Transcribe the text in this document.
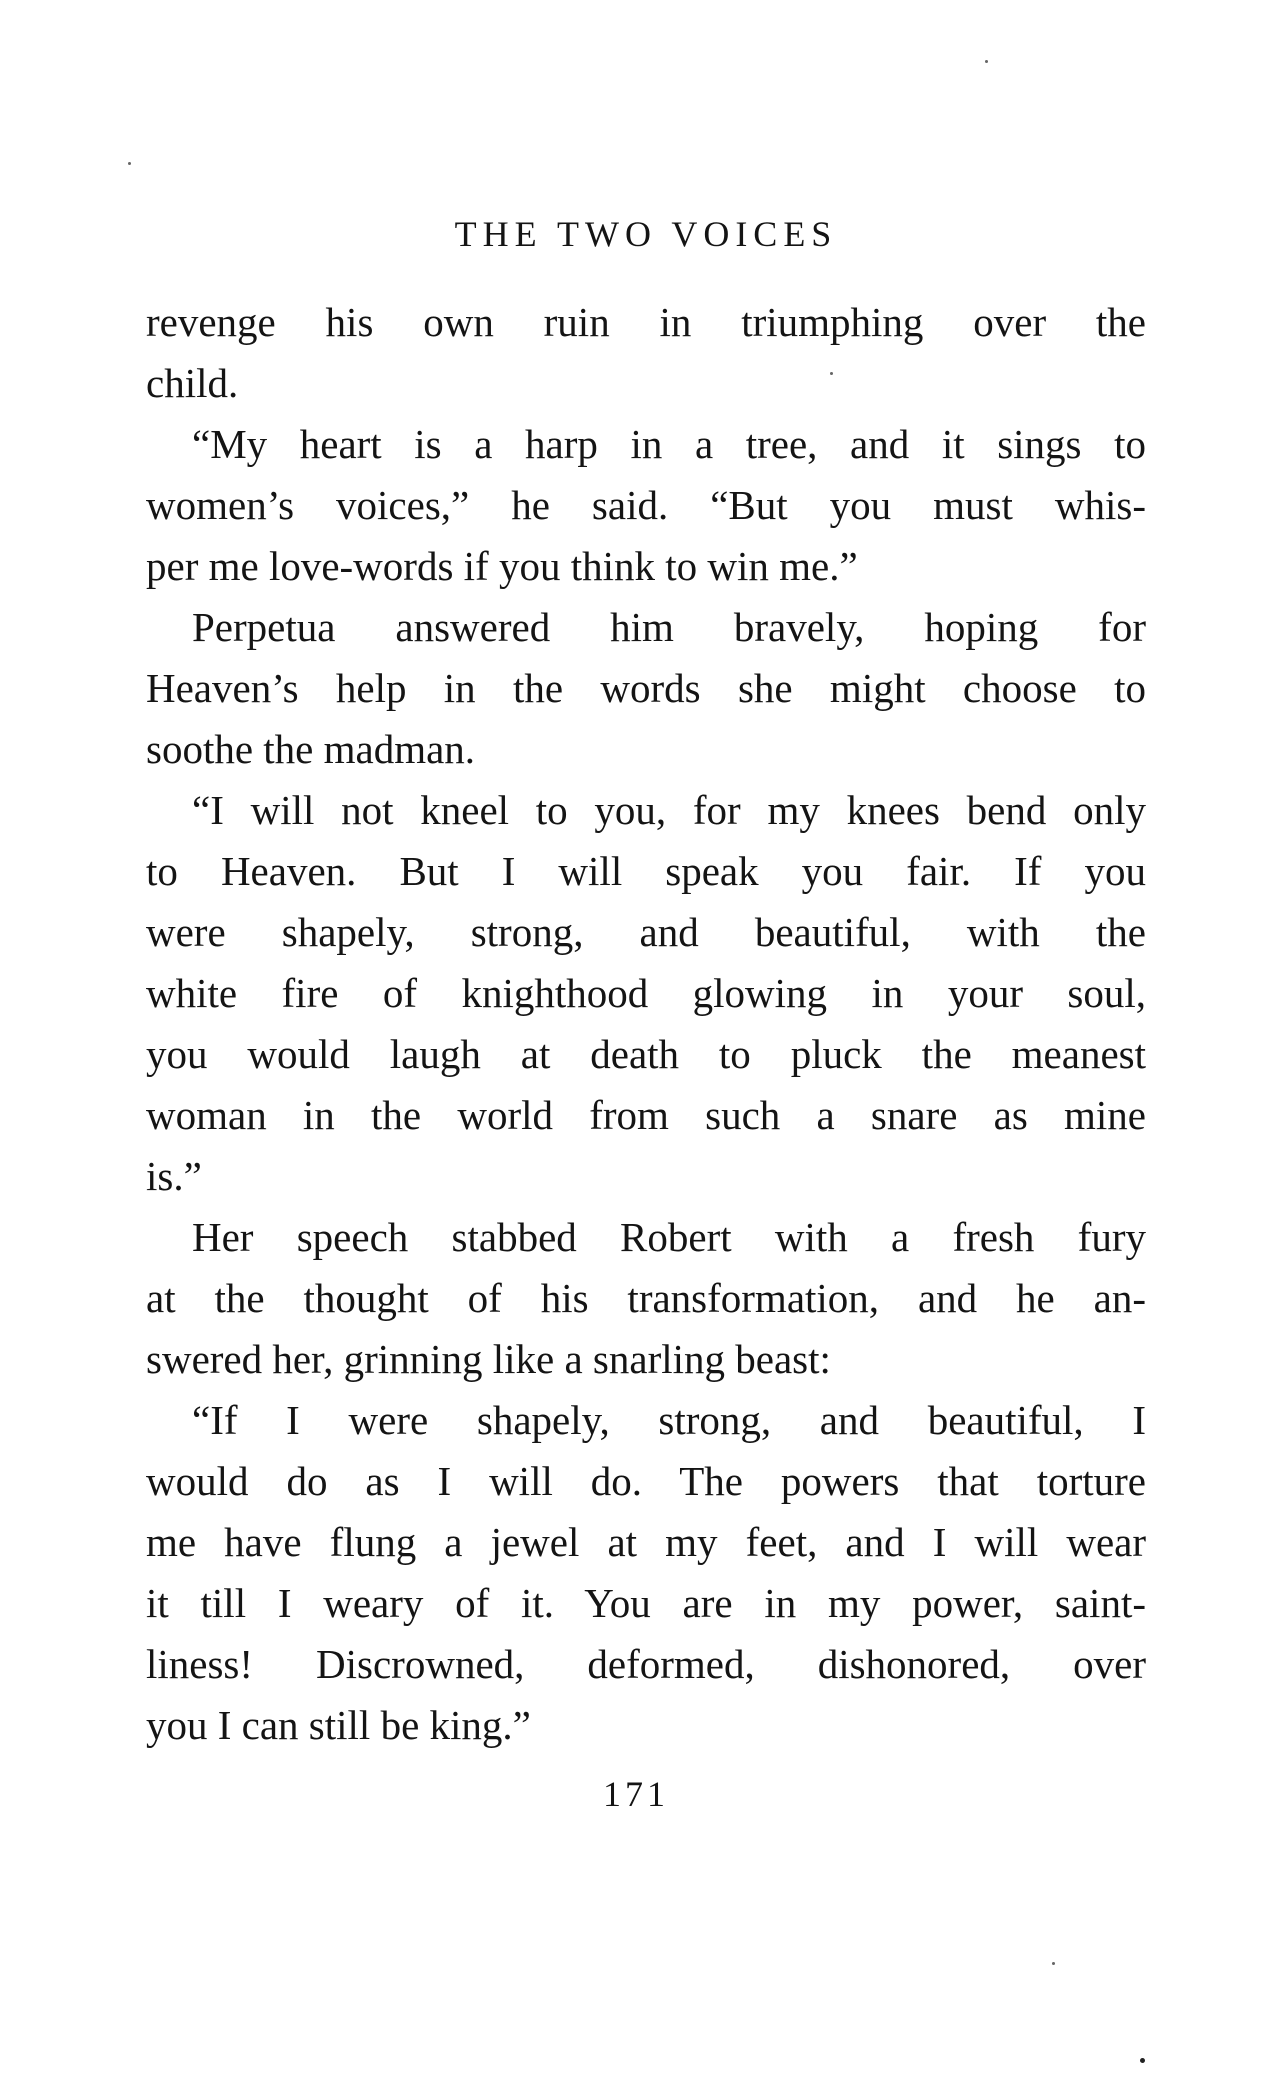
THE TWO VOICES
revenge his own ruin in triumphing over the
child.
“My heart is a harp in a tree, and it sings to
women’s voices,” he said. “But you must whis-
per me love-words if you think to win me.”
Perpetua answered him bravely, hoping for
Heaven’s help in the words she might choose to
soothe the madman.
“I will not kneel to you, for my knees bend only
to Heaven. But I will speak you fair. If you
were shapely, strong, and beautiful, with the
white fire of knighthood glowing in your soul,
you would laugh at death to pluck the meanest
woman in the world from such a snare as mine
is.”
Her speech stabbed Robert with a fresh fury
at the thought of his transformation, and he an-
swered her, grinning like a snarling beast:
“If I were shapely, strong, and beautiful, I
would do as I will do. The powers that torture
me have flung a jewel at my feet, and I will wear
it till I weary of it. You are in my power, saint-
liness! Discrowned, deformed, dishonored, over
you I can still be king.”
171
